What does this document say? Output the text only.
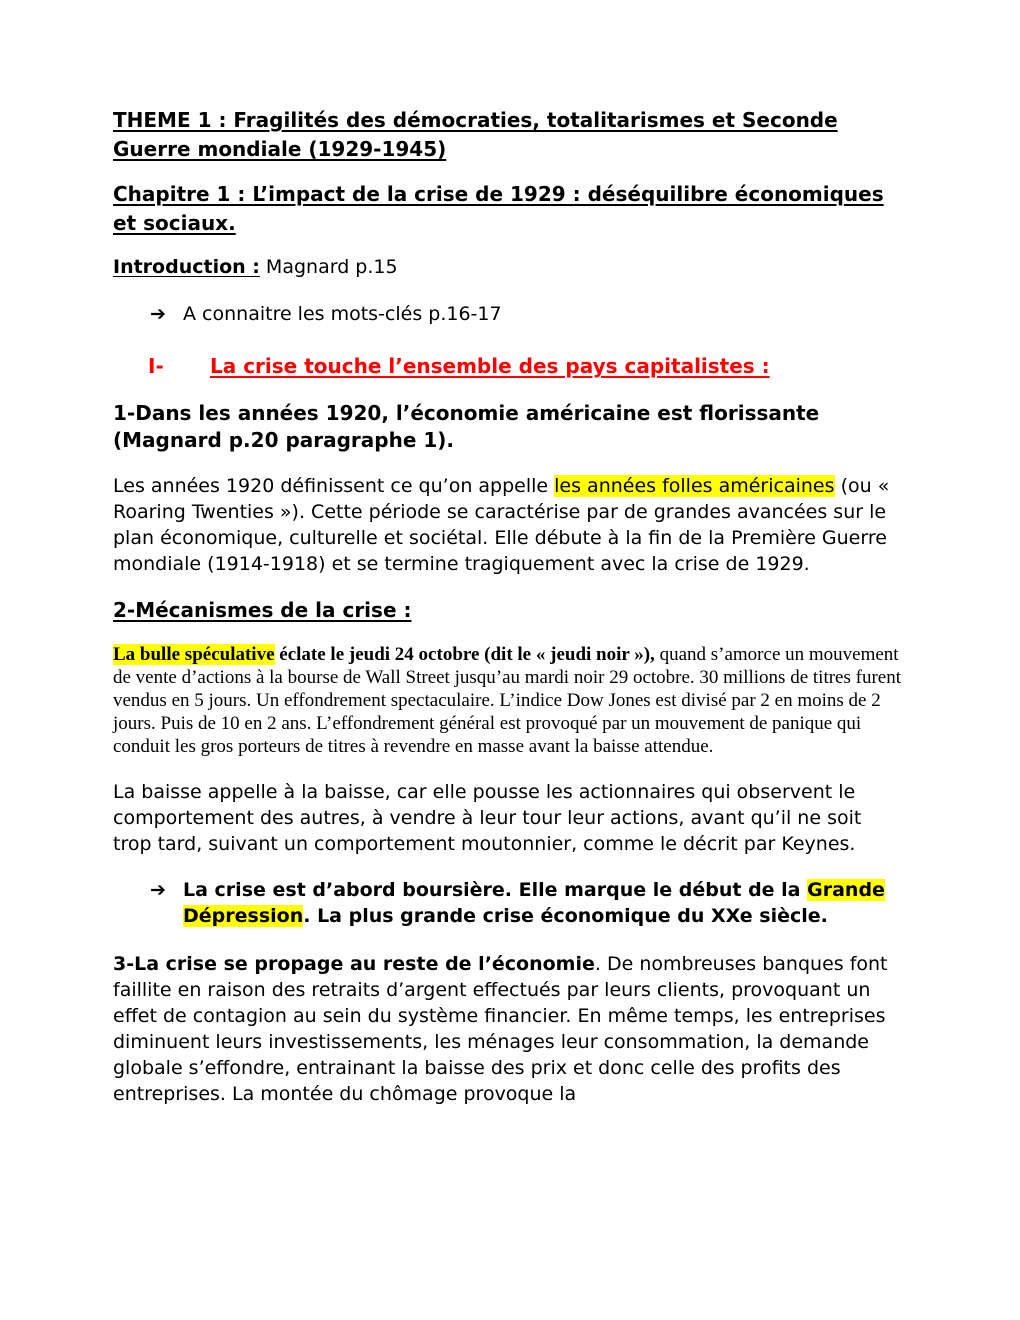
THEME 1 : Fragilités des démocraties, totalitarismes et Seconde Guerre mondiale (1929-1945)
Chapitre 1 : L’impact de la crise de 1929 : déséquilibre économiques et sociaux.

Introduction : Magnard p.15

➔ A connaitre les mots-clés p.16-17
I-	La crise touche l’ensemble des pays capitalistes :
1-Dans les années 1920, l’économie américaine est florissante (Magnard p.20 paragraphe 1).

Les années 1920 définissent ce qu’on appelle les années folles américaines (ou « Roaring Twenties »). Cette période se caractérise par de grandes avancées sur le plan économique, culturelle et sociétal. Elle débute à la fin de la Première Guerre mondiale (1914-1918) et se termine tragiquement avec la crise de 1929.

2-Mécanismes de la crise :

La bulle spéculative éclate le jeudi 24 octobre (dit le « jeudi noir »), quand s’amorce un mouvement de vente d’actions à la bourse de Wall Street jusqu’au mardi noir 29 octobre. 30 millions de titres furent vendus en 5 jours. Un effondrement spectaculaire. L’indice Dow Jones est divisé par 2 en moins de 2 jours. Puis de 10 en 2 ans. L’effondrement général est provoqué par un mouvement de panique qui conduit les gros porteurs de titres à revendre en masse avant la baisse attendue.

La baisse appelle à la baisse, car elle pousse les actionnaires qui observent le comportement des autres, à vendre à leur tour leur actions, avant qu’il ne soit trop tard, suivant un comportement moutonnier, comme le décrit par Keynes.

➔ La crise est d’abord boursière. Elle marque le début de la Grande Dépression. La plus grande crise économique du XXe siècle.

3-La crise se propage au reste de l’économie. De nombreuses banques font faillite en raison des retraits d’argent effectués par leurs clients, provoquant un effet de contagion au sein du système financier. En même temps, les entreprises diminuent leurs investissements, les ménages leur consommation, la demande globale s’effondre, entrainant la baisse des prix et donc celle des profits des entreprises. La montée du chômage provoque la
